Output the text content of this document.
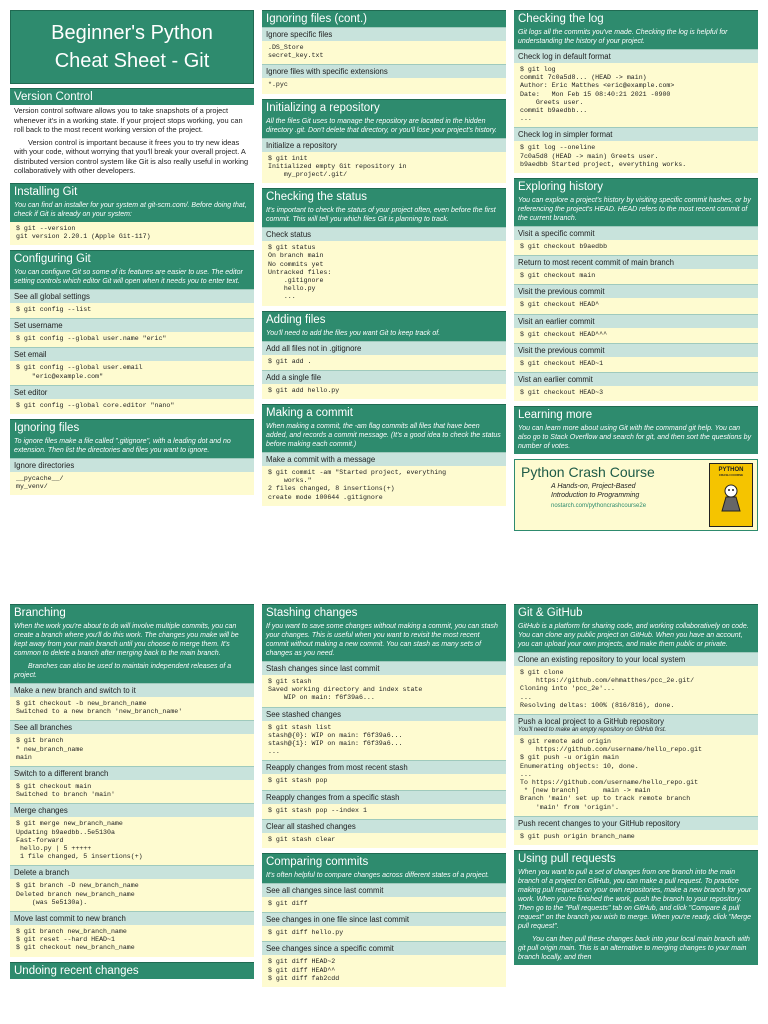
Beginner's Python
Cheat Sheet - Git
Version Control
Version control software allows you to take snapshots of a project whenever it's in a working state. If your project stops working, you can roll back to the most recent working version of the project.
Version control is important because it frees you to try new ideas with your code, without worrying that you'll break your overall project. A distributed version control system like Git is also really useful in working collaboratively with other developers.
Installing Git
You can find an installer for your system at git-scm.com/. Before doing that, check if Git is already on your system:
$ git --version
git version 2.20.1 (Apple Git-117)
Configuring Git
You can configure Git so some of its features are easier to use. The editor setting controls which editor Git will open when it needs you to enter text.
See all global settings
$ git config --list
Set username
$ git config --global user.name "eric"
Set email
$ git config --global user.email
"eric@example.com"
Set editor
$ git config --global core.editor "nano"
Ignoring files
To ignore files make a file called ".gitignore", with a leading dot and no extension. Then list the directories and files you want to ignore.
Ignore directories
__pycache__/
my_venv/
Ignoring files (cont.)
Ignore specific files
.DS_Store
secret_key.txt
Ignore files with specific extensions
*.pyc
Initializing a repository
All the files Git uses to manage the repository are located in the hidden directory .git. Don't delete that directory, or you'll lose your project's history.
Initialize a repository
$ git init
Initialized empty Git repository in
my_project/.git/
Checking the status
It's important to check the status of your project often, even before the first commit. This will tell you which files Git is planning to track.
Check status
$ git status
On branch main
No commits yet
Untracked files:
.gitignore
hello.py
...
Adding files
You'll need to add the files you want Git to keep track of.
Add all files not in .gitignore
$ git add .
Add a single file
$ git add hello.py
Making a commit
When making a commit, the -am flag commits all files that have been added, and records a commit message. (It's a good idea to check the status before making each commit.)
Make a commit with a message
$ git commit -am "Started project, everything
works."
2 files changed, 8 insertions(+)
create mode 100644 .gitignore
Checking the log
Git logs all the commits you've made. Checking the log is helpful for understanding the history of your project.
Check log in default format
$ git log
commit 7c0a5d8... (HEAD -> main)
Author: Eric Matthes <eric@example.com>
Date:   Mon Feb 15 08:40:21 2021 -0900
Greets user.
commit b9aedbb...
...
Check log in simpler format
$ git log --oneline
7c0a5d8 (HEAD -> main) Greets user.
b9aedbb Started project, everything works.
Exploring history
You can explore a project's history by visiting specific commit hashes, or by referencing the project's HEAD. HEAD refers to the most recent commit of the current branch.
Visit a specific commit
$ git checkout b9aedbb
Return to most recent commit of main branch
$ git checkout main
Visit the previous commit
$ git checkout HEAD^
Visit an earlier commit
$ git checkout HEAD^^^
Visit the previous commit
$ git checkout HEAD~1
Vist an earlier commit
$ git checkout HEAD~3
Learning more
You can learn more about using Git with the command git help. You can also go to Stack Overflow and search for git, and then sort the questions by number of votes.
Python Crash Course
A Hands-on, Project-Based
Introduction to Programming
nostarch.com/pythoncrashcourse2e
PYTHON
CRASH COURSE
Branching
When the work you're about to do will involve multiple commits, you can create a branch where you'll do this work. The changes you make will be kept away from your main branch until you choose to merge them. It's common to delete a branch after merging back to the main branch.
Branches can also be used to maintain independent releases of a project.
Make a new branch and switch to it
$ git checkout -b new_branch_name
Switched to a new branch 'new_branch_name'
See all branches
$ git branch
* new_branch_name
main
Switch to a different branch
$ git checkout main
Switched to branch 'main'
Merge changes
$ git merge new_branch_name
Updating b9aedbb..5e5130a
Fast-forward
hello.py | 5 +++++
1 file changed, 5 insertions(+)
Delete a branch
$ git branch -D new_branch_name
Deleted branch new_branch_name
(was 5e5130a).
Move last commit to new branch
$ git branch new_branch_name
$ git reset --hard HEAD~1
$ git checkout new_branch_name
Undoing recent changes
Stashing changes
If you want to save some changes without making a commit, you can stash your changes. This is useful when you want to revisit the most recent commit without making a new commit. You can stash as many sets of changes as you need.
Stash changes since last commit
$ git stash
Saved working directory and index state
WIP on main: f6f39a6...
See stashed changes
$ git stash list
stash@{0}: WIP on main: f6f39a6...
stash@{1}: WIP on main: f6f39a6...
...
Reapply changes from most recent stash
$ git stash pop
Reapply changes from a specific stash
$ git stash pop --index 1
Clear all stashed changes
$ git stash clear
Comparing commits
It's often helpful to compare changes across different states of a project.
See all changes since last commit
$ git diff
See changes in one file since last commit
$ git diff hello.py
See changes since a specific commit
$ git diff HEAD~2
$ git diff HEAD^^
$ git diff fab2cdd
Git & GitHub
GitHub is a platform for sharing code, and working collaboratively on code. You can clone any public project on GitHub. When you have an account, you can upload your own projects, and make them public or private.
Clone an existing repository to your local system
$ git clone
https://github.com/ehmatthes/pcc_2e.git/
Cloning into 'pcc_2e'...
...
Resolving deltas: 100% (816/816), done.
Push a local project to a GitHub repository
You'll need to make an empty repository on GitHub first.
$ git remote add origin
https://github.com/username/hello_repo.git
$ git push -u origin main
Enumerating objects: 10, done.
...
To https://github.com/username/hello_repo.git
* [new branch]      main -> main
Branch 'main' set up to track remote branch
'main' from 'origin'.
Push recent changes to your GitHub repository
$ git push origin branch_name
Using pull requests
When you want to pull a set of changes from one branch into the main branch of a project on GitHub, you can make a pull request. To practice making pull requests on your own repositories, make a new branch for your work. When you're finished the work, push the branch to your repository. Then go to the "Pull requests" tab on GitHub, and click "Compare & pull request" on the branch you wish to merge. When you're ready, click "Merge pull request".
You can then pull these changes back into your local main branch with git pull origin main. This is an alternative to merging changes to your main branch locally, and then
